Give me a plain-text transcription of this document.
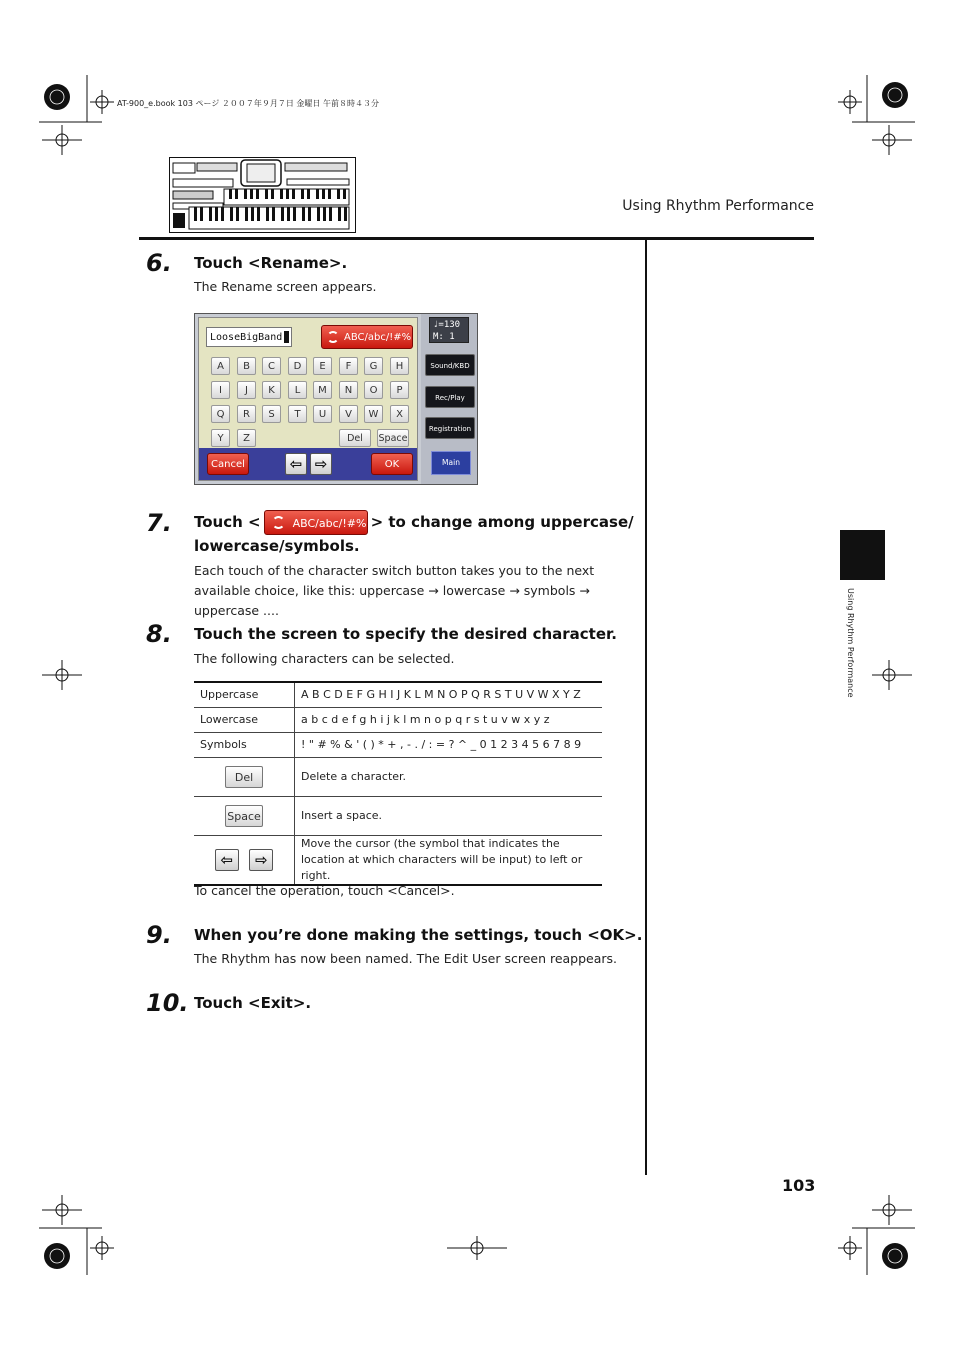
AT-900_e.book 103 ページ ２００７年９月７日 金曜日 午前８時４３分
Using Rhythm Performance
Using Rhythm Performance
6. Touch <Rename>.
The Rename screen appears.
LooseBigBand	ABC/abc/!#%
A	B	C	D	E	F	G	H
I	J	K	L	M	N	O	P
Q	R	S	T	U	V	W	X
Y	Z	Del	Space
Cancel	⇦ ⇨	OK
♩=130
M: 1
Sound/KBD
Rec/Play
Registration
Main
7. Touch <	ABC/abc/!#% > to change among uppercase/
lowercase/symbols.
Each touch of the character switch button takes you to the next available choice, like this: uppercase → lowercase → symbols → uppercase ....
8. Touch the screen to specify the desired character.
The following characters can be selected.
Uppercase	A B C D E F G H I J K L M N O P Q R S T U V W X Y Z
Lowercase	a b c d e f g h i j k l m n o p q r s t u v w x y z
Symbols	! " # % & ' ( ) * + , - . / : = ? ^ _ 0 1 2 3 4 5 6 7 8 9
Del	Delete a character.
Space	Insert a space.
⇦ ⇨	Move the cursor (the symbol that indicates the location at which characters will be input) to left or right.
To cancel the operation, touch <Cancel>.
9. When you’re done making the settings, touch <OK>.
The Rhythm has now been named. The Edit User screen reappears.
10. Touch <Exit>.
103
